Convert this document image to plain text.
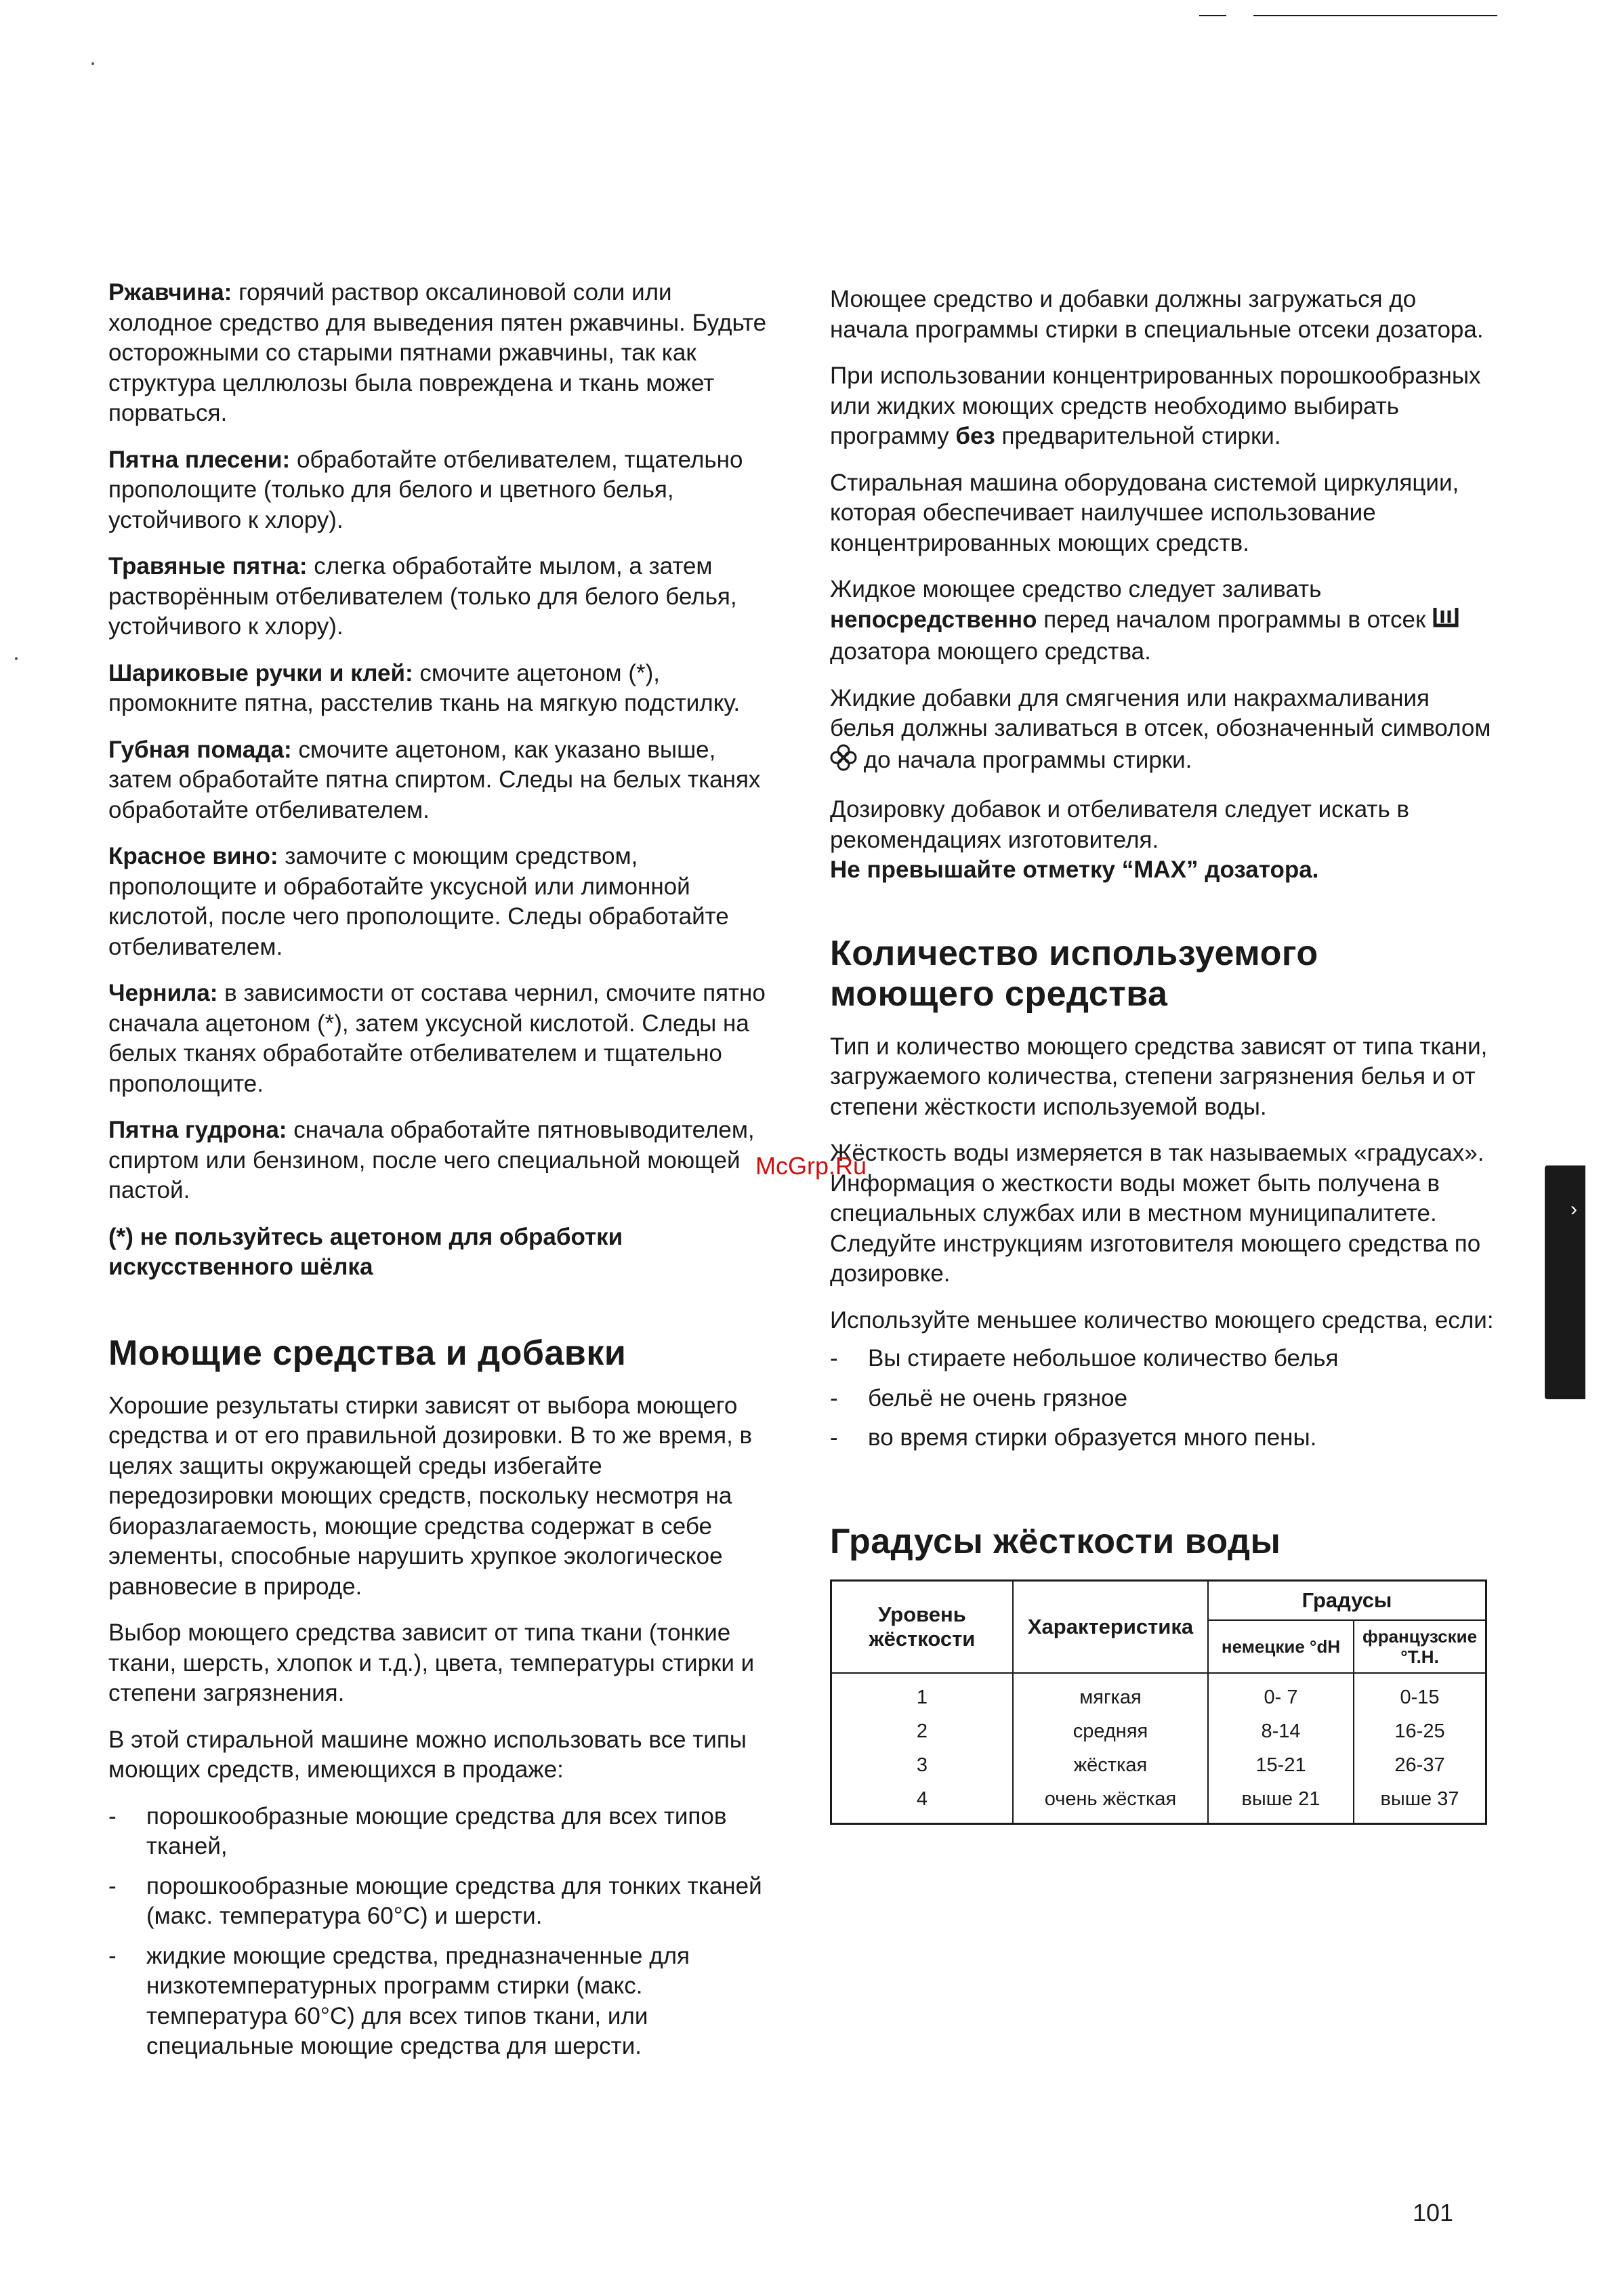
Ржавчина: горячий раствор оксалиновой соли или холодное средство для выведения пятен ржавчины. Будьте осторожными со старыми пятнами ржавчины, так как структура целлюлозы была повреждена и ткань может порваться.

Пятна плесени: обработайте отбеливателем, тщательно прополощите (только для белого и цветного белья, устойчивого к хлору).

Травяные пятна: слегка обработайте мылом, а затем растворённым отбеливателем (только для белого белья, устойчивого к хлору).

Шариковые ручки и клей: смочите ацетоном (*), промокните пятна, расстелив ткань на мягкую подстилку.

Губная помада: смочите ацетоном, как указано выше, затем обработайте пятна спиртом. Следы на белых тканях обработайте отбеливателем.

Красное вино: замочите с моющим средством, прополощите и обработайте уксусной или лимонной кислотой, после чего прополощите. Следы обработайте отбеливателем.

Чернила: в зависимости от состава чернил, смочите пятно сначала ацетоном (*), затем уксусной кислотой. Следы на белых тканях обработайте отбеливателем и тщательно прополощите.

Пятна гудрона: сначала обработайте пятновыводителем, спиртом или бензином, после чего специальной моющей пастой.

(*) не пользуйтесь ацетоном для обработки искусственного шёлка

Моющие средства и добавки

Хорошие результаты стирки зависят от выбора моющего средства и от его правильной дозировки. В то же время, в целях защиты окружающей среды избегайте передозировки моющих средств, поскольку несмотря на биоразлагаемость, моющие средства содержат в себе элементы, способные нарушить хрупкое экологическое равновесие в природе.

Выбор моющего средства зависит от типа ткани (тонкие ткани, шерсть, хлопок и т.д.), цвета, температуры стирки и степени загрязнения.

В этой стиральной машине можно использовать все типы моющих средств, имеющихся в продаже:

- порошкообразные моющие средства для всех типов тканей,
- порошкообразные моющие средства для тонких тканей (макс. температура 60°C) и шерсти.
- жидкие моющие средства, предназначенные для низкотемпературных программ стирки (макс. температура 60°C) для всех типов ткани, или специальные моющие средства для шерсти.

Моющее средство и добавки должны загружаться до начала программы стирки в специальные отсеки дозатора.

При использовании концентрированных порошкообразных или жидких моющих средств необходимо выбирать программу без предварительной стирки.

Стиральная машина оборудована системой циркуляции, которая обеспечивает наилучшее использование концентрированных моющих средств.

Жидкое моющее средство следует заливать непосредственно перед началом программы в отсек  дозатора моющего средства.

Жидкие добавки для смягчения или накрахмаливания белья должны заливаться в отсек, обозначенный символом  до начала программы стирки.

Дозировку добавок и отбеливателя следует искать в рекомендациях изготовителя.

Не превышайте отметку “MAX” дозатора.

Количество используемого
моющего средства

Тип и количество моющего средства зависят от типа ткани, загружаемого количества, степени загрязнения белья и от степени жёсткости используемой воды.

Жёсткость воды измеряется в так называемых «градусах». Информация о жесткости воды может быть получена в специальных службах или в местном муниципалитете. Следуйте инструкциям изготовителя моющего средства по дозировке.

Используйте меньшее количество моющего средства, если:

- Вы стираете небольшое количество белья
- бельё не очень грязное
- во время стирки образуется много пены.
Градусы жёсткости воды
Уровень жёсткости	Характеристика	Градусы	
		немецкие °dH	французские °T.H.
1	мягкая	0- 7	0-15
2	средняя	8-14	16-25
3	жёсткая	15-21	26-37
4	очень жёсткая	выше 21	выше 37
McGrp.Ru
›
101
